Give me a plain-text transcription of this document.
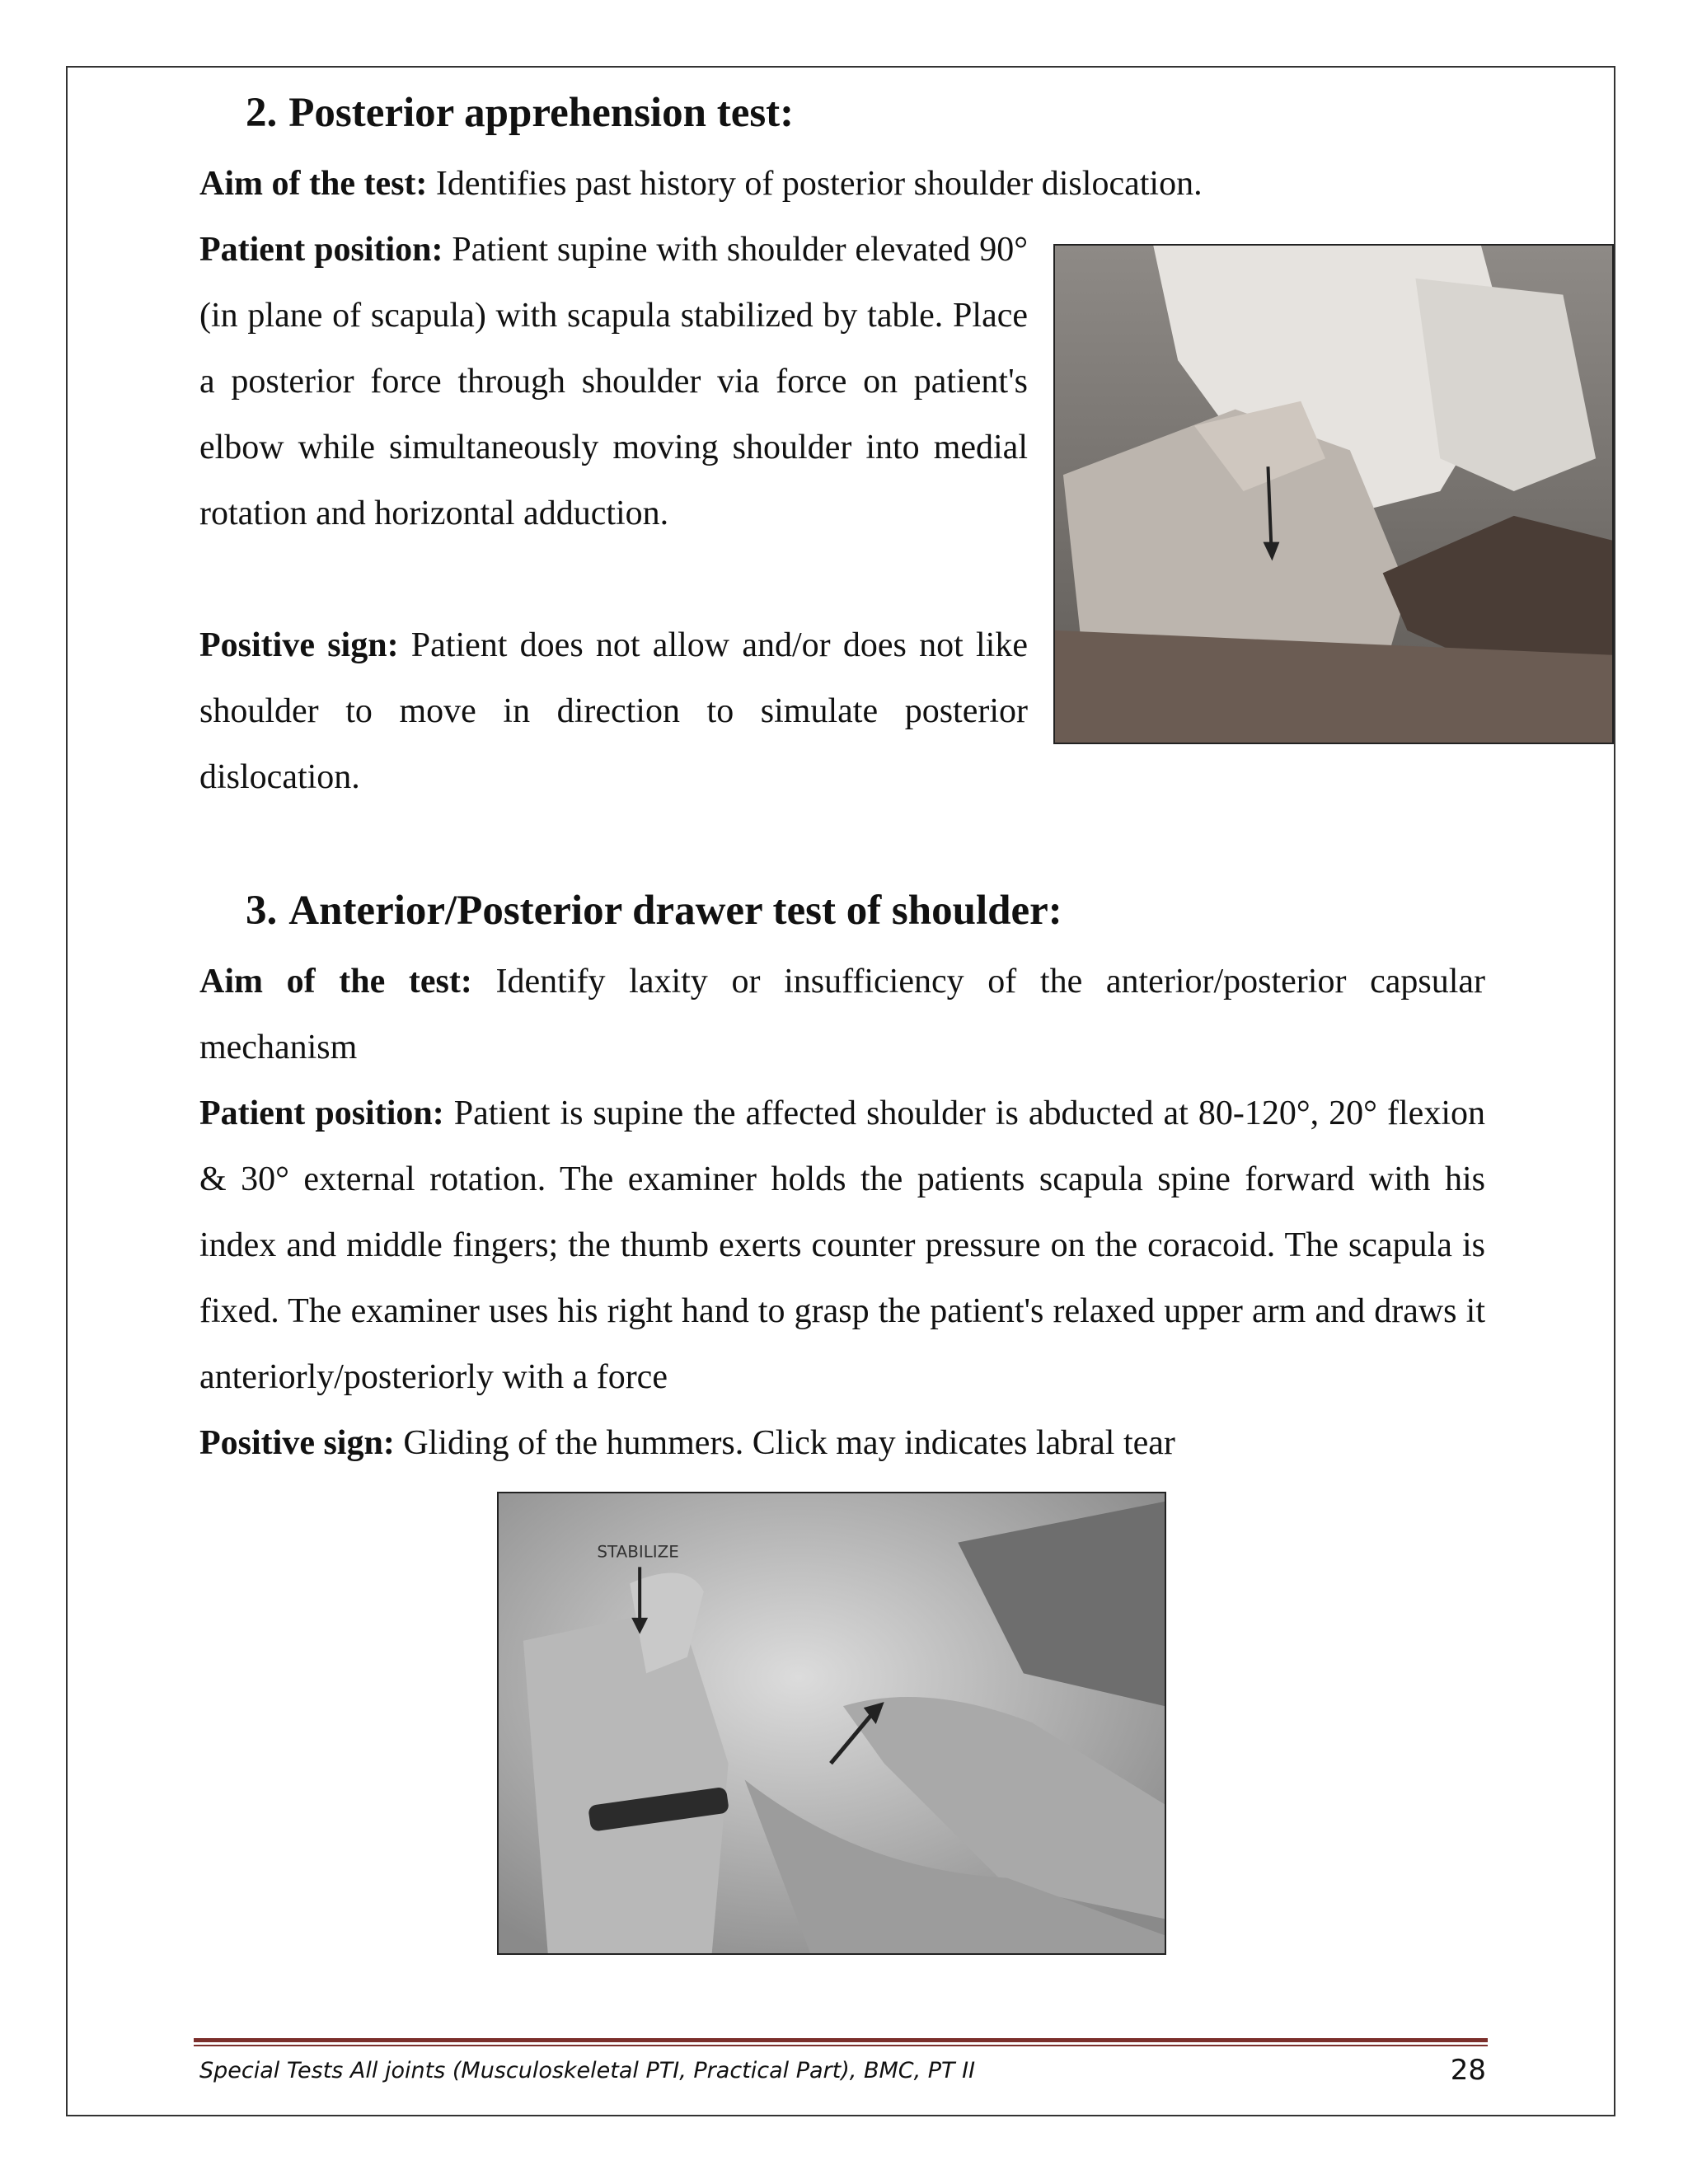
2. Posterior apprehension test:

Aim of the test: Identifies past history of posterior shoulder dislocation.

Patient position: Patient supine with shoulder elevated 90° (in plane of scapula) with scapula stabilized by table. Place a posterior force through shoulder via force on patient's elbow while simultaneously moving shoulder into medial rotation and horizontal adduction.

Positive sign: Patient does not allow and/or does not like shoulder to move in direction to simulate posterior dislocation.

3. Anterior/Posterior drawer test of shoulder:

Aim of the test: Identify laxity or insufficiency of the anterior/posterior capsular mechanism

Patient position: Patient is supine the affected shoulder is abducted at 80-120°, 20° flexion & 30° external rotation. The examiner holds the patients scapula spine forward with his index and middle fingers; the thumb exerts counter pressure on the coracoid. The scapula is fixed. The examiner uses his right hand to grasp the patient's relaxed upper arm and draws it anteriorly/posteriorly with a force

Positive sign: Gliding of the hummers. Click may indicates labral tear

STABILIZE
Special Tests All joints (Musculoskeletal PTI, Practical Part), BMC, PT II	28
